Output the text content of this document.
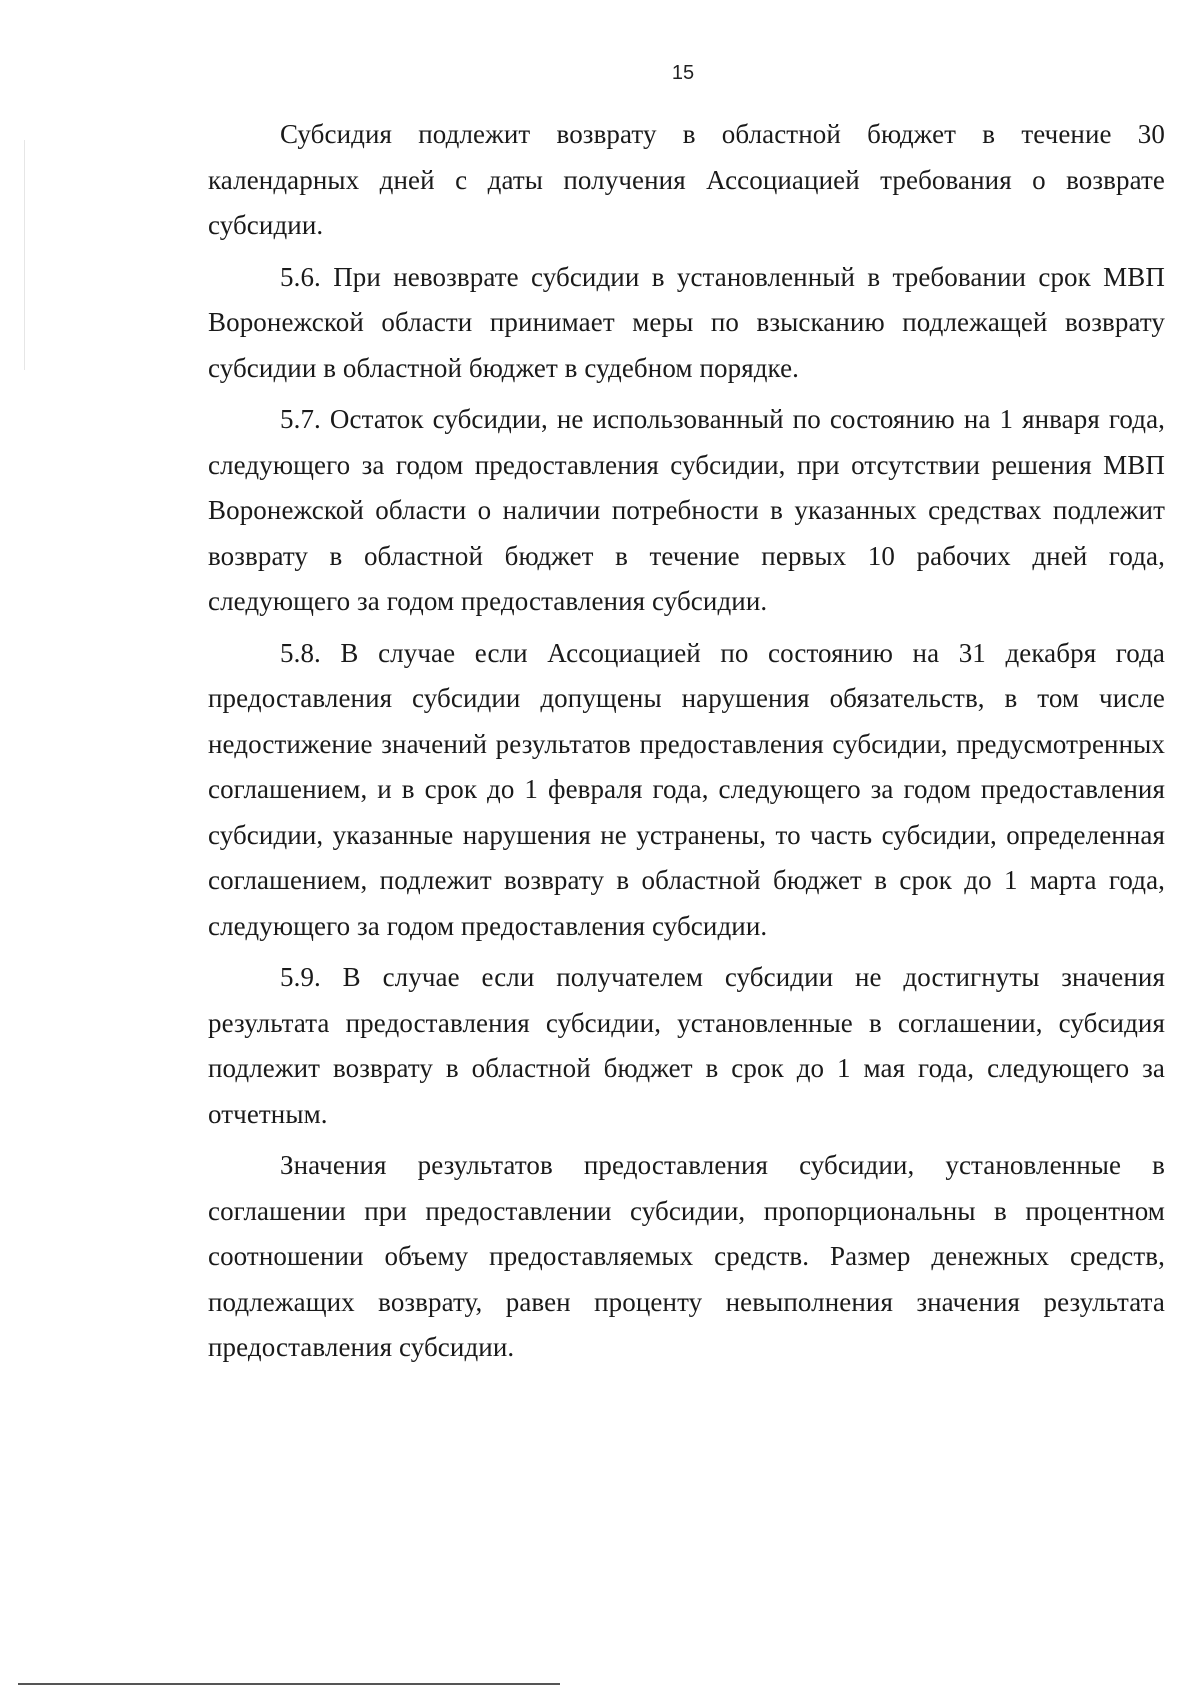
15

Субсидия подлежит возврату в областной бюджет в течение 30 календарных дней с даты получения Ассоциацией требования о возврате субсидии.

5.6. При невозврате субсидии в установленный в требовании срок МВП Воронежской области принимает меры по взысканию подлежащей возврату субсидии в областной бюджет в судебном порядке.

5.7. Остаток субсидии, не использованный по состоянию на 1 января года, следующего за годом предоставления субсидии, при отсутствии решения МВП Воронежской области о наличии потребности в указанных средствах подлежит возврату в областной бюджет в течение первых 10 рабочих дней года, следующего за годом предоставления субсидии.

5.8. В случае если Ассоциацией по состоянию на 31 декабря года предоставления субсидии допущены нарушения обязательств, в том числе недостижение значений результатов предоставления субсидии, предусмотренных соглашением, и в срок до 1 февраля года, следующего за годом предоставления субсидии, указанные нарушения не устранены, то часть субсидии, определенная соглашением, подлежит возврату в областной бюджет в срок до 1 марта года, следующего за годом предоставления субсидии.

5.9. В случае если получателем субсидии не достигнуты значения результата предоставления субсидии, установленные в соглашении, субсидия подлежит возврату в областной бюджет в срок до 1 мая года, следующего за отчетным.

Значения результатов предоставления субсидии, установленные в соглашении при предоставлении субсидии, пропорциональны в процентном соотношении объему предоставляемых средств. Размер денежных средств, подлежащих возврату, равен проценту невыполнения значения результата предоставления субсидии.
